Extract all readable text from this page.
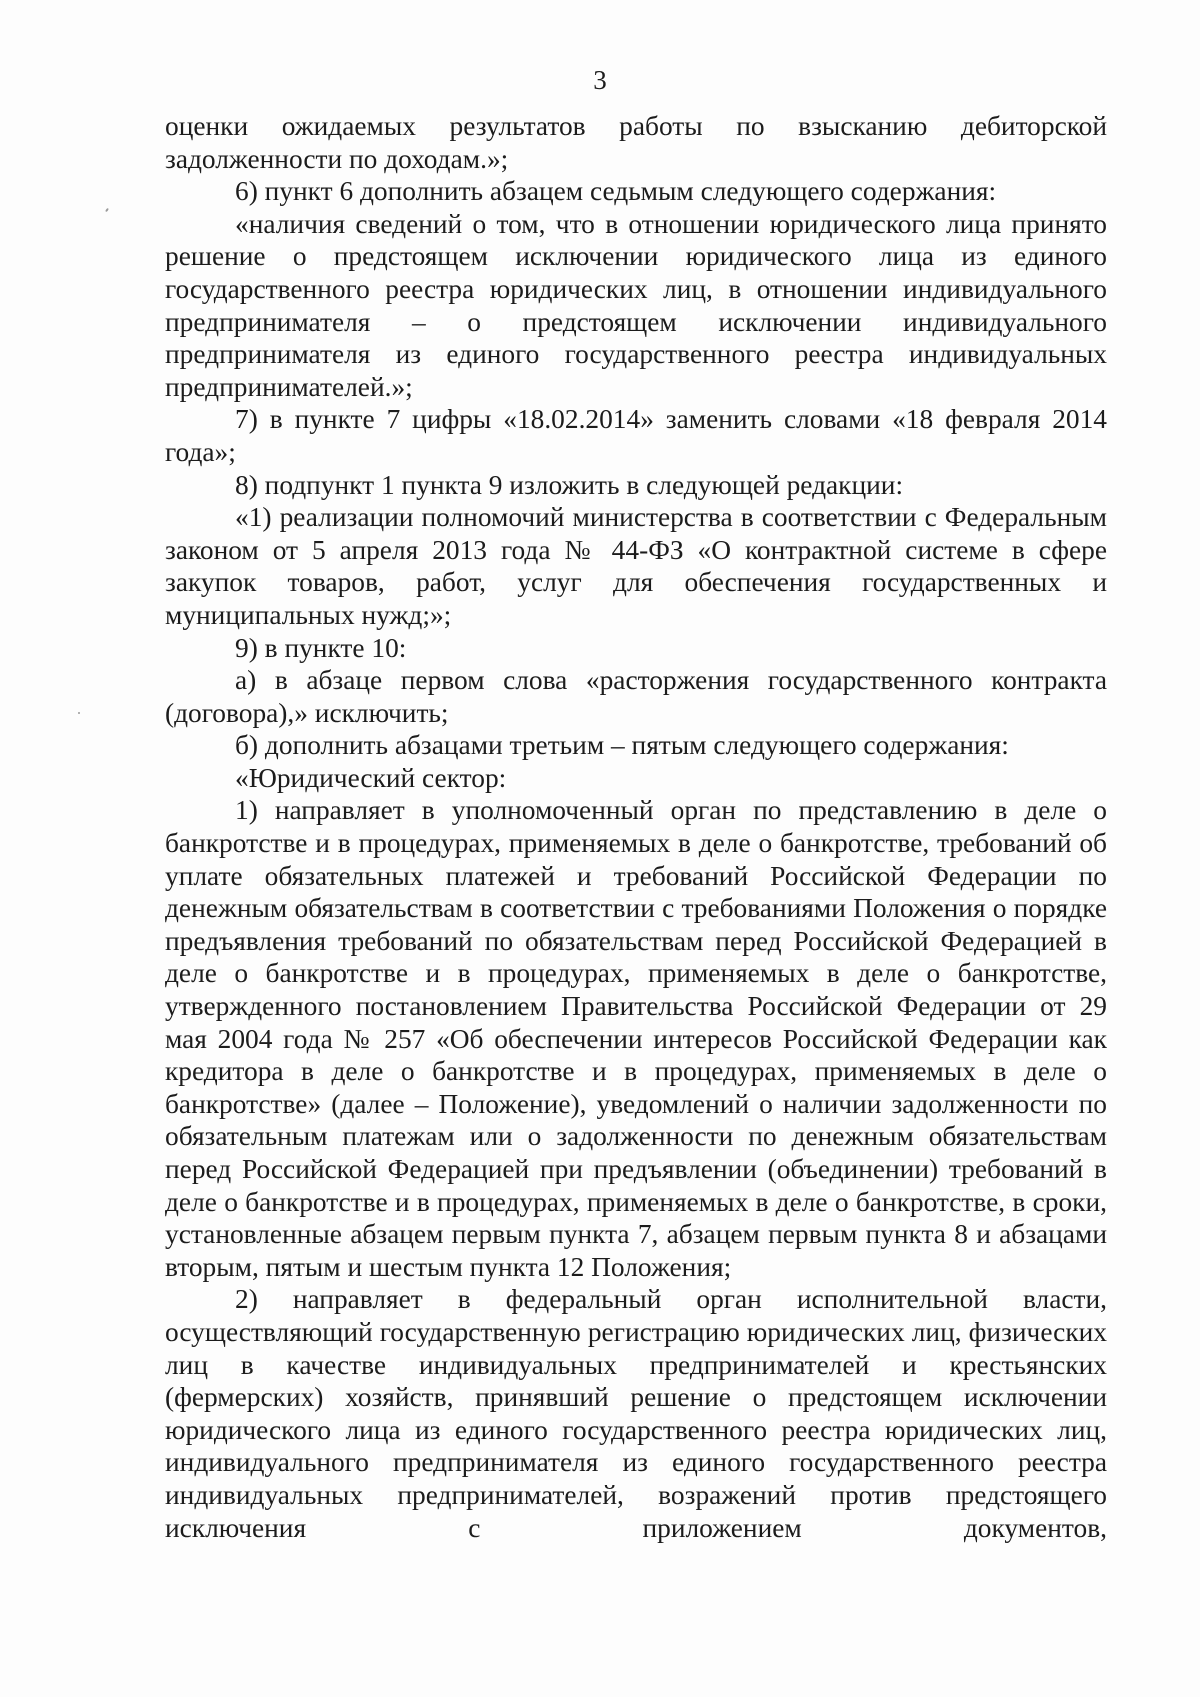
3

оценки ожидаемых результатов работы по взысканию дебиторской задолженности по доходам.»;

6) пункт 6 дополнить абзацем седьмым следующего содержания:

«наличия сведений о том, что в отношении юридического лица принято решение о предстоящем исключении юридического лица из единого государственного реестра юридических лиц, в отношении индивидуального предпринимателя – о предстоящем исключении индивидуального предпринимателя из единого государственного реестра индивидуальных предпринимателей.»;

7) в пункте 7 цифры «18.02.2014» заменить словами «18 февраля 2014 года»;

8) подпункт 1 пункта 9 изложить в следующей редакции:

«1) реализации полномочий министерства в соответствии с Федеральным законом от 5 апреля 2013 года № 44-ФЗ «О контрактной системе в сфере закупок товаров, работ, услуг для обеспечения государственных и муниципальных нужд;»;

9) в пункте 10:

а) в абзаце первом слова «расторжения государственного контракта (договора),» исключить;

б) дополнить абзацами третьим – пятым следующего содержания:

«Юридический сектор:

1) направляет в уполномоченный орган по представлению в деле о банкротстве и в процедурах, применяемых в деле о банкротстве, требований об уплате обязательных платежей и требований Российской Федерации по денежным обязательствам в соответствии с требованиями Положения о порядке предъявления требований по обязательствам перед Российской Федерацией в деле о банкротстве и в процедурах, применяемых в деле о банкротстве, утвержденного постановлением Правительства Российской Федерации от 29 мая 2004 года № 257 «Об обеспечении интересов Российской Федерации как кредитора в деле о банкротстве и в процедурах, применяемых в деле о банкротстве» (далее – Положение), уведомлений о наличии задолженности по обязательным платежам или о задолженности по денежным обязательствам перед Российской Федерацией при предъявлении (объединении) требований в деле о банкротстве и в процедурах, применяемых в деле о банкротстве, в сроки, установленные абзацем первым пункта 7, абзацем первым пункта 8 и абзацами вторым, пятым и шестым пункта 12 Положения;

2) направляет в федеральный орган исполнительной власти, осуществляющий государственную регистрацию юридических лиц, физических лиц в качестве индивидуальных предпринимателей и крестьянских (фермерских) хозяйств, принявший решение о предстоящем исключении юридического лица из единого государственного реестра юридических лиц, индивидуального предпринимателя из единого государственного реестра индивидуальных предпринимателей, возражений против предстоящего исключения с приложением документов,
